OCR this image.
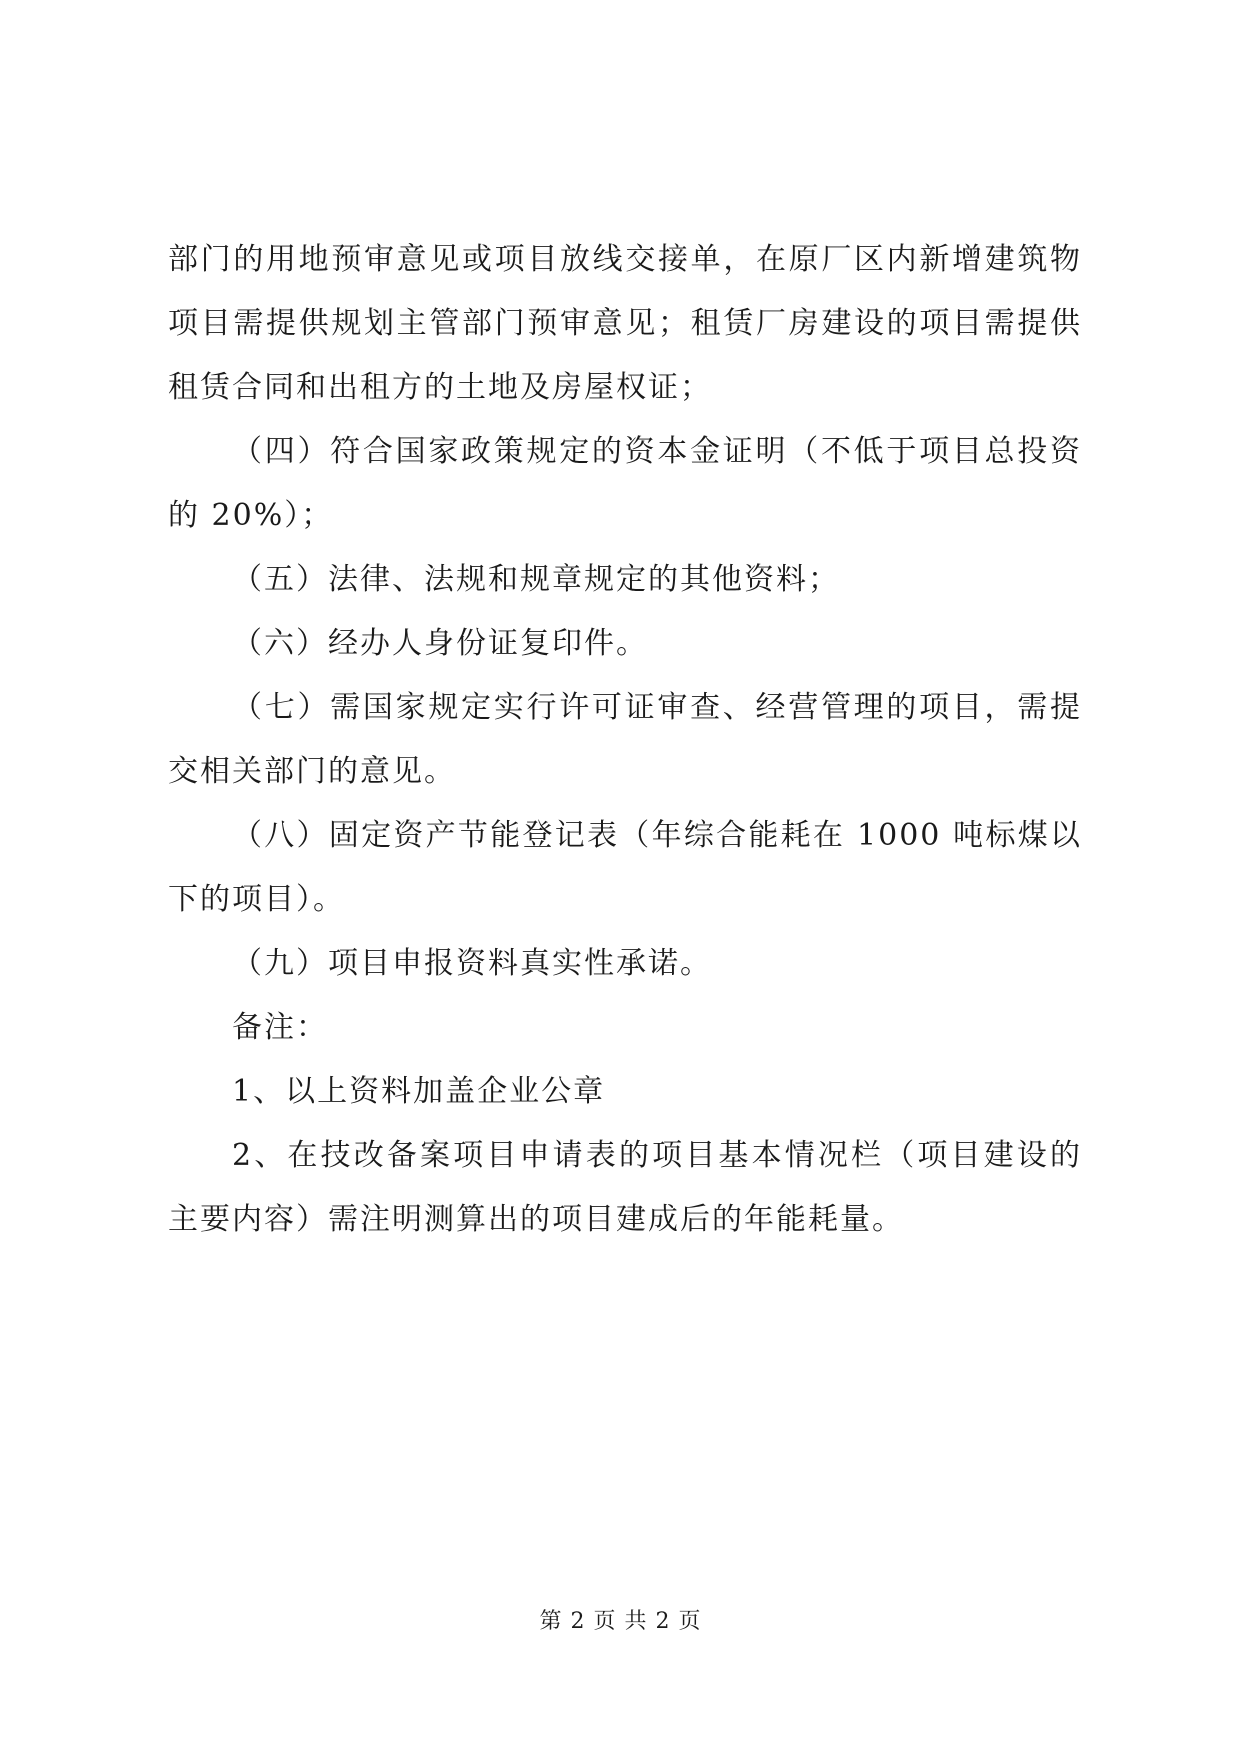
部门的用地预审意见或项目放线交接单，在原厂区内新增建筑物项目需提供规划主管部门预审意见；租赁厂房建设的项目需提供租赁合同和出租方的土地及房屋权证；

（四）符合国家政策规定的资本金证明（不低于项目总投资的 20%）；

（五）法律、法规和规章规定的其他资料；

（六）经办人身份证复印件。

（七）需国家规定实行许可证审查、经营管理的项目，需提交相关部门的意见。

（八）固定资产节能登记表（年综合能耗在 1000 吨标煤以下的项目）。

（九）项目申报资料真实性承诺。

备注：

1、以上资料加盖企业公章

2、在技改备案项目申请表的项目基本情况栏（项目建设的主要内容）需注明测算出的项目建成后的年能耗量。

第 2 页 共 2 页
